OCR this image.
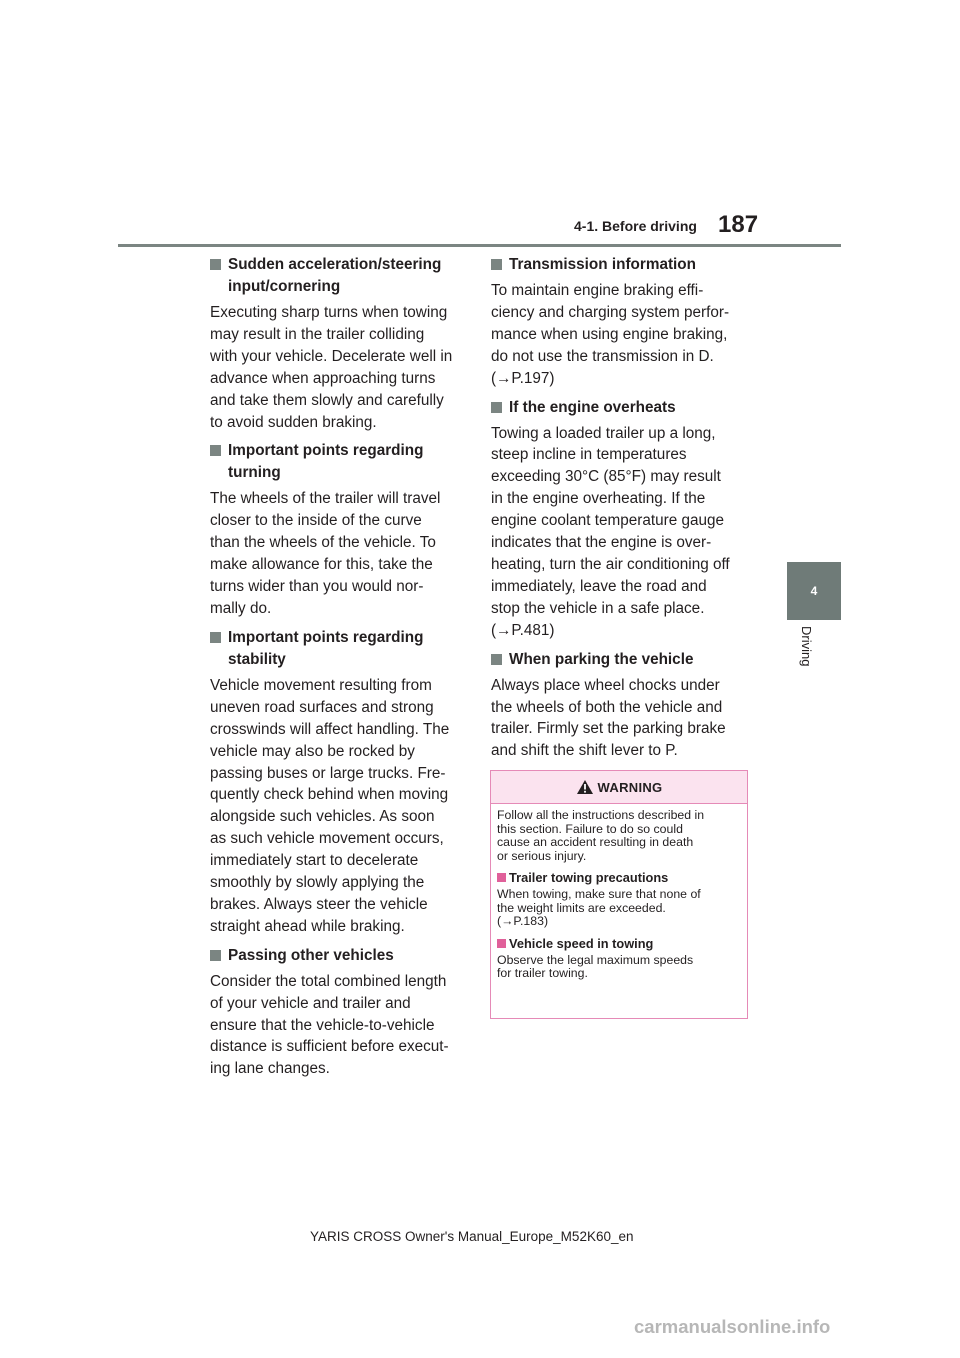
4-1. Before driving 187
4
Driving
Sudden acceleration/steering
input/cornering
Executing sharp turns when towing
may result in the trailer colliding
with your vehicle. Decelerate well in
advance when approaching turns
and take them slowly and carefully
to avoid sudden braking.
Important points regarding
turning
The wheels of the trailer will travel
closer to the inside of the curve
than the wheels of the vehicle. To
make allowance for this, take the
turns wider than you would nor-
mally do.
Important points regarding
stability
Vehicle movement resulting from
uneven road surfaces and strong
crosswinds will affect handling. The
vehicle may also be rocked by
passing buses or large trucks. Fre-
quently check behind when moving
alongside such vehicles. As soon
as such vehicle movement occurs,
immediately start to decelerate
smoothly by slowly applying the
brakes. Always steer the vehicle
straight ahead while braking.
Passing other vehicles
Consider the total combined length
of your vehicle and trailer and
ensure that the vehicle-to-vehicle
distance is sufficient before execut-
ing lane changes.
Transmission information
To maintain engine braking effi-
ciency and charging system perfor-
mance when using engine braking,
do not use the transmission in D.
(→P.197)
If the engine overheats
Towing a loaded trailer up a long,
steep incline in temperatures
exceeding 30°C (85°F) may result
in the engine overheating. If the
engine coolant temperature gauge
indicates that the engine is over-
heating, turn the air conditioning off
immediately, leave the road and
stop the vehicle in a safe place.
(→P.481)
When parking the vehicle
Always place wheel chocks under
the wheels of both the vehicle and
trailer. Firmly set the parking brake
and shift the shift lever to P.
WARNING
Follow all the instructions described in
this section. Failure to do so could
cause an accident resulting in death
or serious injury.
Trailer towing precautions
When towing, make sure that none of
the weight limits are exceeded.
(→P.183)
Vehicle speed in towing
Observe the legal maximum speeds
for trailer towing.
YARIS CROSS Owner's Manual_Europe_M52K60_en
carmanualsonline.info
